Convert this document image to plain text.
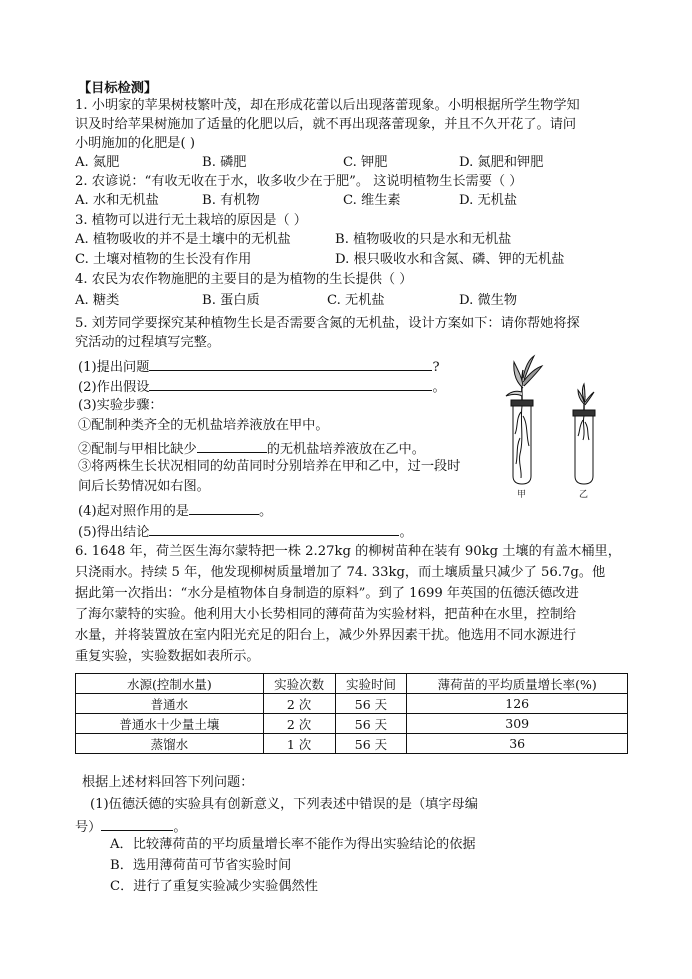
【目标检测】
1. 小明家的苹果树枝繁叶茂，却在形成花蕾以后出现落蕾现象。小明根据所学生物学知
识及时给苹果树施加了适量的化肥以后，就不再出现落蕾现象，并且不久开花了。请问
小明施加的化肥是( )
A. 氮肥	B. 磷肥	C. 钾肥	D. 氮肥和钾肥
2. 农谚说：“有收无收在于水，收多收少在于肥”。 这说明植物生长需要（ ）
A. 水和无机盐	B. 有机物	C. 维生素	D. 无机盐
3. 植物可以进行无土栽培的原因是（ ）
A. 植物吸收的并不是土壤中的无机盐	B. 植物吸收的只是水和无机盐
C. 土壤对植物的生长没有作用	D. 根只吸收水和含氮、磷、钾的无机盐
4. 农民为农作物施肥的主要目的是为植物的生长提供（ ）
A. 糖类	B. 蛋白质	C. 无机盐	D. 微生物
5. 刘芳同学要探究某种植物生长是否需要含氮的无机盐，设计方案如下：请你帮她将探
究活动的过程填写完整。
(1)提出问题	?
(2)作出假设	。
(3)实验步骤：
①配制种类齐全的无机盐培养液放在甲中。
②配制与甲相比缺少	的无机盐培养液放在乙中。
③将两株生长状况相同的幼苗同时分别培养在甲和乙中，过一段时
间后长势情况如右图。
(4)起对照作用的是	。
(5)得出结论	。
甲	乙
6. 1648 年，荷兰医生海尔蒙特把一株 2.27kg 的柳树苗种在装有 90kg 土壤的有盖木桶里，
只浇雨水。持续 5 年，他发现柳树质量增加了 74. 33kg，而土壤质量只减少了 56.7g。他
据此第一次指出：“水分是植物体自身制造的原料”。到了 1699 年英国的伍德沃德改进
了海尔蒙特的实验。他利用大小长势相同的薄荷苗为实验材料，把苗种在水里，控制给
水量，并将装置放在室内阳光充足的阳台上，减少外界因素干扰。他选用不同水源进行
重复实验，实验数据如表所示。
水源(控制水量)	实验次数	实验时间	薄荷苗的平均质量增长率(%)
普通水	2 次	56 天	126
普通水十少量土壤	2 次	56 天	309
蒸馏水	1 次	56 天	36
根据上述材料回答下列问题：
(1)伍德沃德的实验具有创新意义，下列表述中错误的是（填字母编
号）	。
A．比较薄荷苗的平均质量增长率不能作为得出实验结论的依据
B．选用薄荷苗可节省实验时间
C．进行了重复实验减少实验偶然性
